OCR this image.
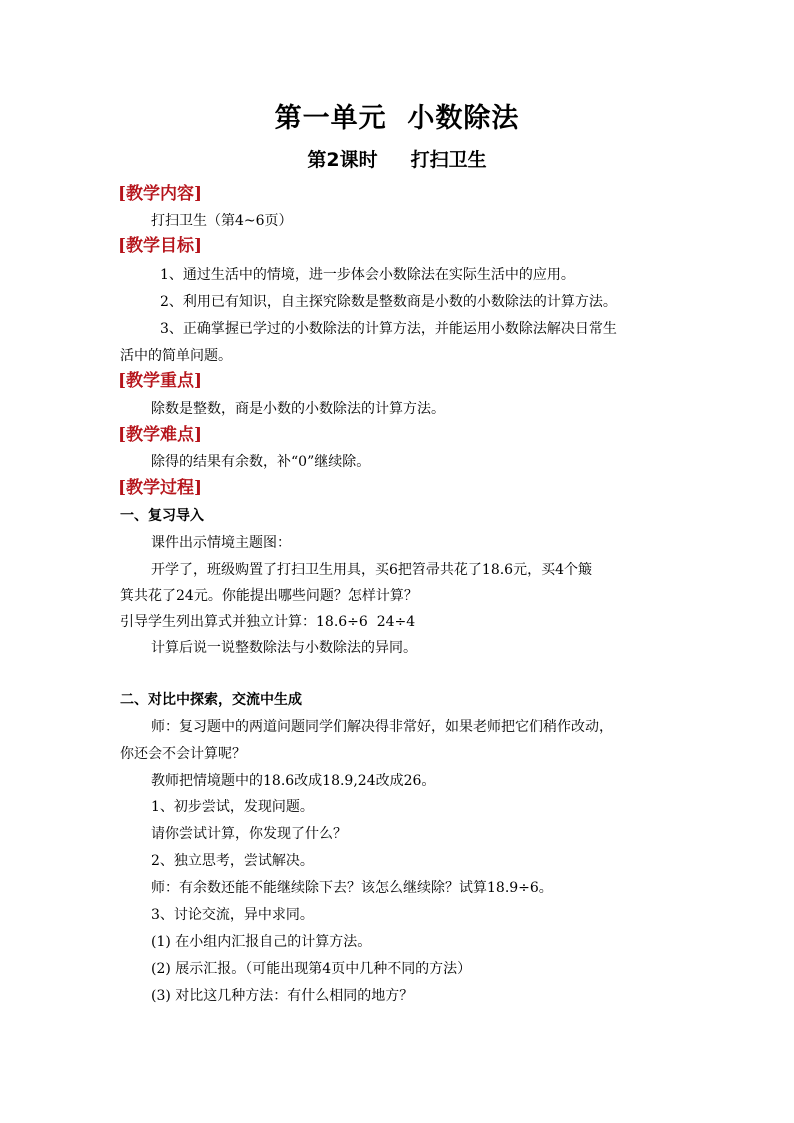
第一单元  小数除法
第2课时     打扫卫生
[教学内容]
打扫卫生（第4~6页）
[教学目标]
1、通过生活中的情境，进一步体会小数除法在实际生活中的应用。
2、利用已有知识，自主探究除数是整数商是小数的小数除法的计算方法。
3、正确掌握已学过的小数除法的计算方法，并能运用小数除法解决日常生
活中的简单问题。
[教学重点]
除数是整数，商是小数的小数除法的计算方法。
[教学难点]
除得的结果有余数，补“0”继续除。
[教学过程]
一、复习导入
课件出示情境主题图：
开学了，班级购置了打扫卫生用具，买6把笤帚共花了18.6元，买4个簸
箕共花了24元。你能提出哪些问题？怎样计算？
引导学生列出算式并独立计算：18.6÷6  24÷4
计算后说一说整数除法与小数除法的异同。
二、对比中探索，交流中生成
师：复习题中的两道问题同学们解决得非常好，如果老师把它们稍作改动，
你还会不会计算呢？
教师把情境题中的18.6改成18.9,24改成26。
1、初步尝试，发现问题。
请你尝试计算，你发现了什么？
2、独立思考，尝试解决。
师：有余数还能不能继续除下去？该怎么继续除？试算18.9÷6。
3、讨论交流，异中求同。
(1) 在小组内汇报自己的计算方法。
(2) 展示汇报。（可能出现第4页中几种不同的方法）
(3) 对比这几种方法：有什么相同的地方？
